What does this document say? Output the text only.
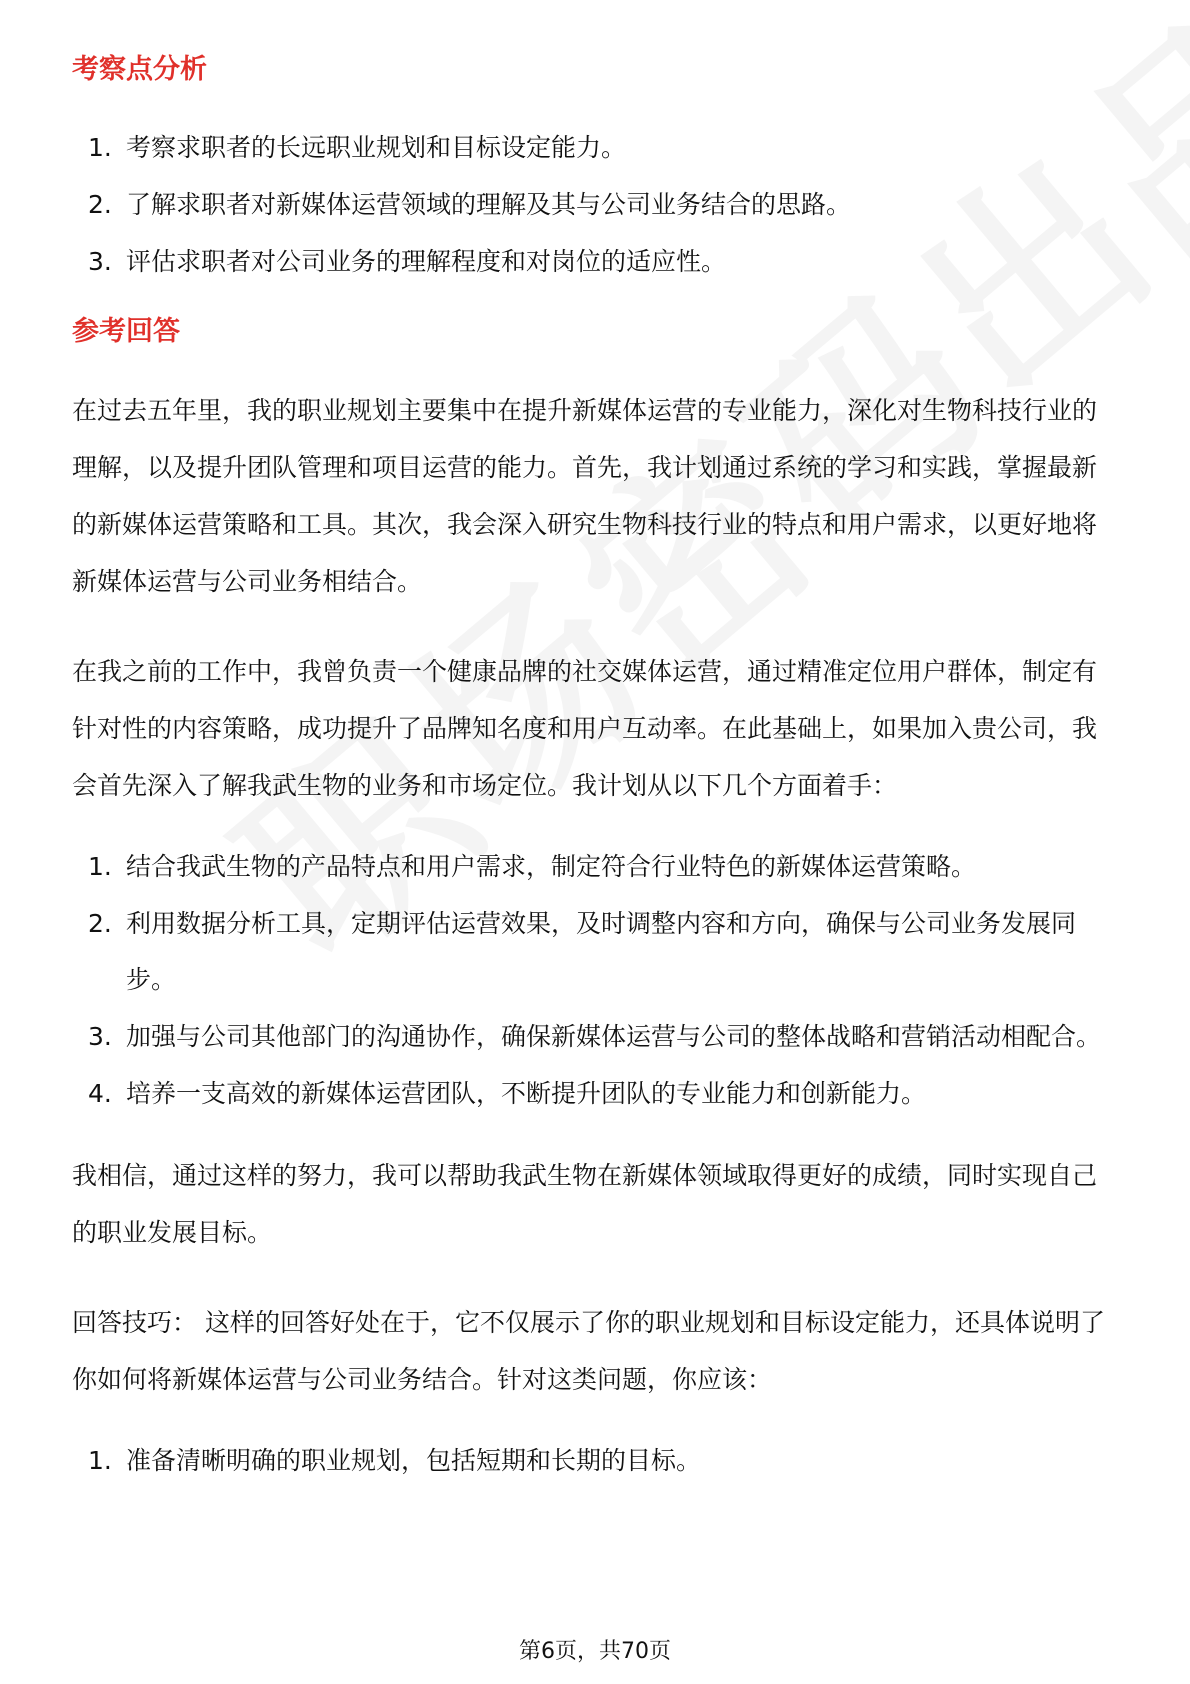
考察点分析
1. 考察求职者的长远职业规划和目标设定能力。
2. 了解求职者对新媒体运营领域的理解及其与公司业务结合的思路。
3. 评估求职者对公司业务的理解程度和对岗位的适应性。
参考回答

在过去五年里，我的职业规划主要集中在提升新媒体运营的专业能力，深化对生物科技行业的理解，以及提升团队管理和项目运营的能力。首先，我计划通过系统的学习和实践，掌握最新的新媒体运营策略和工具。其次，我会深入研究生物科技行业的特点和用户需求，以更好地将新媒体运营与公司业务相结合。

在我之前的工作中，我曾负责一个健康品牌的社交媒体运营，通过精准定位用户群体，制定有针对性的内容策略，成功提升了品牌知名度和用户互动率。在此基础上，如果加入贵公司，我会首先深入了解我武生物的业务和市场定位。我计划从以下几个方面着手：

1. 结合我武生物的产品特点和用户需求，制定符合行业特色的新媒体运营策略。
2. 利用数据分析工具，定期评估运营效果，及时调整内容和方向，确保与公司业务发展同步。
3. 加强与公司其他部门的沟通协作，确保新媒体运营与公司的整体战略和营销活动相配合。
4. 培养一支高效的新媒体运营团队，不断提升团队的专业能力和创新能力。

我相信，通过这样的努力，我可以帮助我武生物在新媒体领域取得更好的成绩，同时实现自己的职业发展目标。

回答技巧： 这样的回答好处在于，它不仅展示了你的职业规划和目标设定能力，还具体说明了你如何将新媒体运营与公司业务结合。针对这类问题，你应该：

1. 准备清晰明确的职业规划，包括短期和长期的目标。
第6页，共70页
